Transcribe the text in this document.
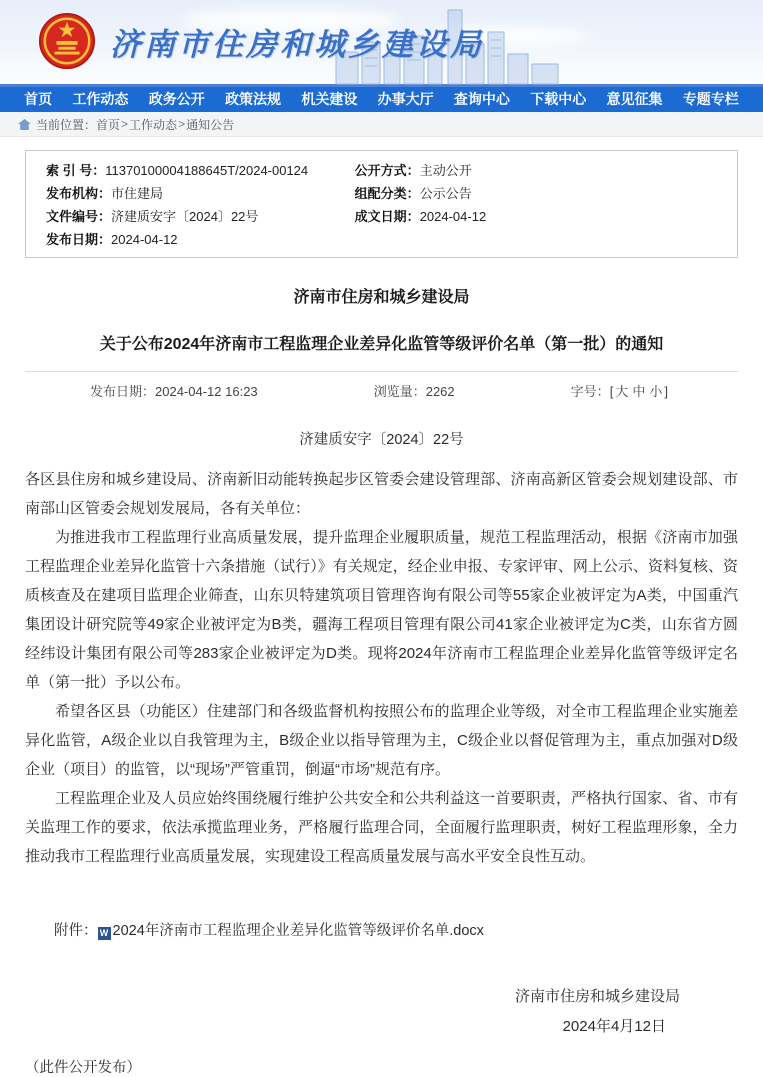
济南市住房和城乡建设局
首页 工作动态 政务公开 政策法规 机关建设 办事大厅 查询中心 下载中心 意见征集 专题专栏
当前位置： 首页 > 工作动态 > 通知公告
索 引 号：11370100004188645T/2024-00124
发布机构：市住建局
文件编号：济建质安字〔2024〕22号
发布日期：2024-04-12
公开方式：主动公开
组配分类：公示公告
成文日期：2024-04-12
济南市住房和城乡建设局
关于公布2024年济南市工程监理企业差异化监管等级评价名单（第一批）的通知
发布日期：2024-04-12 16:23	浏览量：2262	字号：[ 大 中 小 ]
济建质安字〔2024〕22号

各区县住房和城乡建设局、济南新旧动能转换起步区管委会建设管理部、济南高新区管委会规划建设部、市南部山区管委会规划发展局，各有关单位：

为推进我市工程监理行业高质量发展，提升监理企业履职质量，规范工程监理活动，根据《济南市加强工程监理企业差异化监管十六条措施（试行）》有关规定，经企业申报、专家评审、网上公示、资料复核、资质核查及在建项目监理企业筛查，山东贝特建筑项目管理咨询有限公司等55家企业被评定为A类，中国重汽集团设计研究院等49家企业被评定为B类，疆海工程项目管理有限公司41家企业被评定为C类，山东省方圆经纬设计集团有限公司等283家企业被评定为D类。现将2024年济南市工程监理企业差异化监管等级评定名单（第一批）予以公布。

希望各区县（功能区）住建部门和各级监督机构按照公布的监理企业等级，对全市工程监理企业实施差异化监管，A级企业以自我管理为主，B级企业以指导管理为主，C级企业以督促管理为主，重点加强对D级企业（项目）的监管，以“现场”严管重罚，倒逼“市场”规范有序。

工程监理企业及人员应始终围绕履行维护公共安全和公共利益这一首要职责，严格执行国家、省、市有关监理工作的要求，依法承揽监理业务，严格履行监理合同，全面履行监理职责，树好工程监理形象，全力推动我市工程监理行业高质量发展，实现建设工程高质量发展与高水平安全良性互动。

附件： W 2024年济南市工程监理企业差异化监管等级评价名单.docx
济南市住房和城乡建设局
2024年4月12日
（此件公开发布）
